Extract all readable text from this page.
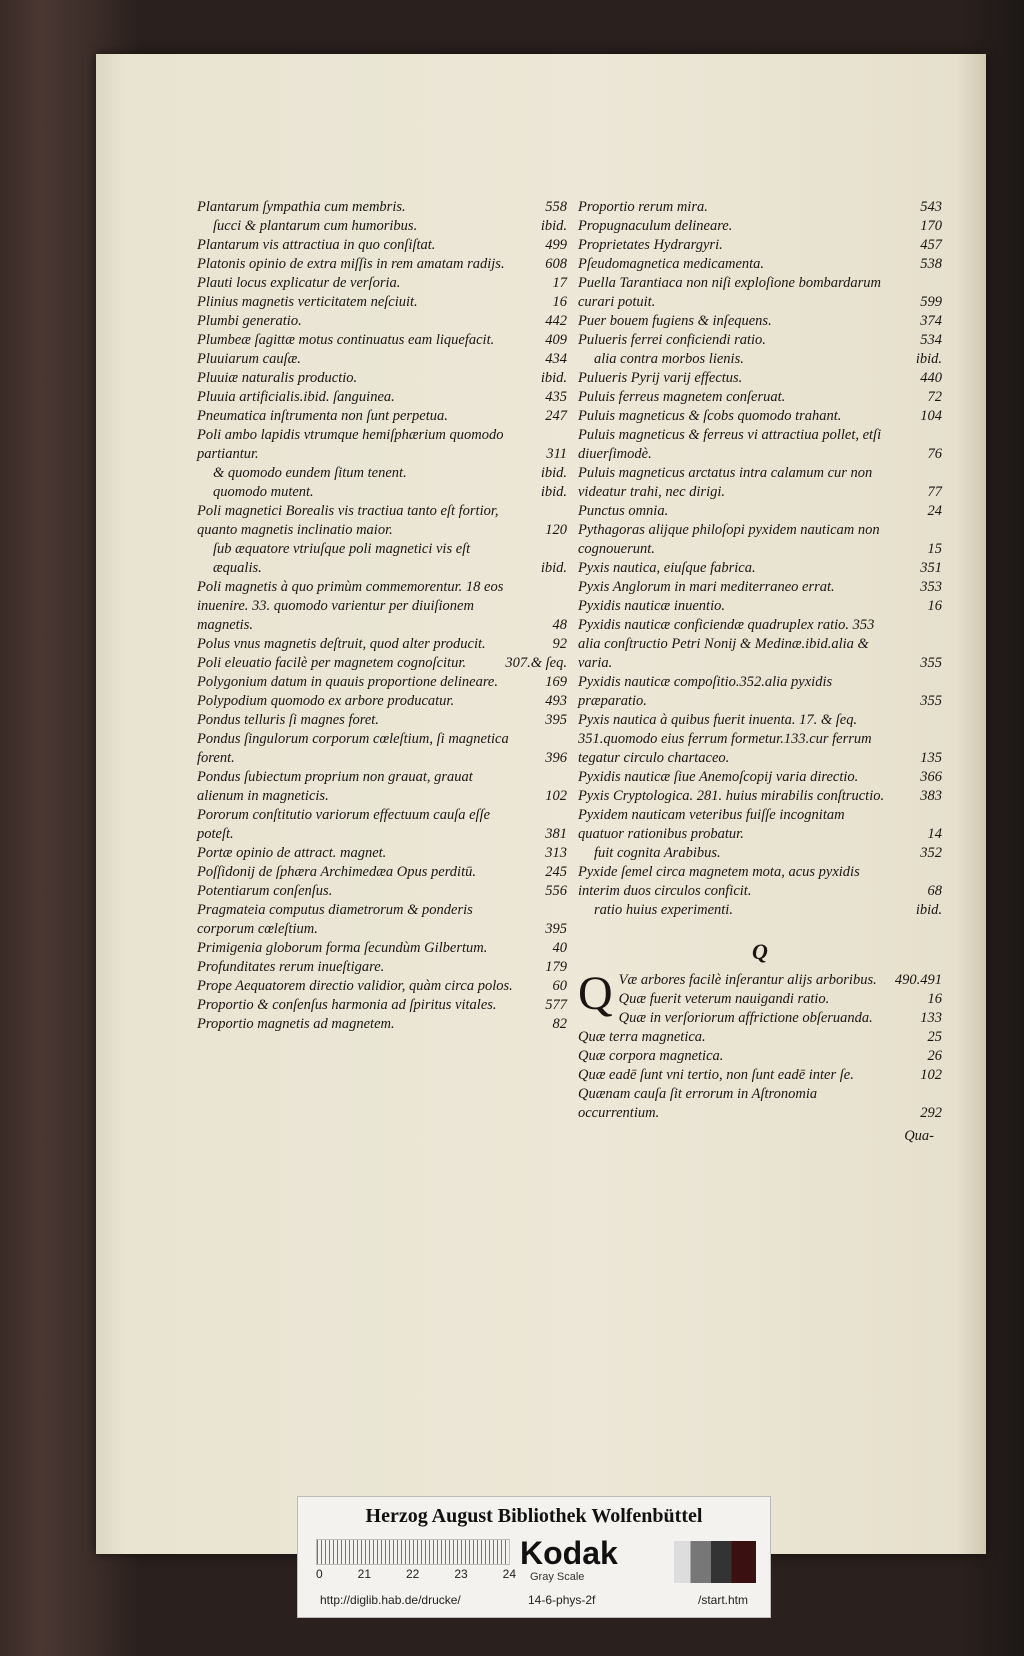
Plantarum ſympathia cum membris.	558
ſucci & plantarum cum humoribus.	ibid.
Plantarum vis attractiua in quo conſiſtat.	499
Platonis opinio de extra miſſis in rem amatam radijs.	608
Plauti locus explicatur de verſoria.	17
Plinius magnetis verticitatem neſciuit.	16
Plumbi generatio.	442
Plumbeæ ſagittæ motus continuatus eam liquefacit.	409
Pluuiarum cauſæ.	434
Pluuiæ naturalis productio.	ibid.
Pluuia artificialis.ibid. ſanguinea.	435
Pneumatica inſtrumenta non ſunt perpetua.	247
Poli ambo lapidis vtrumque hemiſphærium quomodo partiantur.	311
& quomodo eundem ſitum tenent.	ibid.
quomodo mutent.	ibid.
Poli magnetici Borealis vis tractiua tanto eſt fortior, quanto magnetis inclinatio maior.	120
ſub æquatore vtriuſque poli magnetici vis eſt æqualis.	ibid.
Poli magnetis à quo primùm commemorentur. 18 eos inuenire. 33. quomodo varientur per diuiſionem magnetis.	48
Polus vnus magnetis deſtruit, quod alter producit.	92
Poli eleuatio facilè per magnetem cognoſcitur.	307.& ſeq.
Polygonium datum in quauis proportione delineare.	169
Polypodium quomodo ex arbore producatur.	493
Pondus telluris ſi magnes foret.	395
Pondus ſingulorum corporum cœleſtium, ſi magnetica forent.	396
Pondus ſubiectum proprium non grauat, grauat alienum in magneticis.	102
Pororum conſtitutio variorum effectuum cauſa eſſe poteſt.	381
Portæ opinio de attract. magnet.	313
Poſſidonij de ſphæra Archimedæa Opus perditū.	245
Potentiarum conſenſus.	556
Pragmateia computus diametrorum & ponderis corporum cœleſtium.	395
Primigenia globorum forma ſecundùm Gilbertum.	40
Profunditates rerum inueſtigare.	179
Prope Aequatorem directio validior, quàm circa polos.	60
Proportio & conſenſus harmonia ad ſpiritus vitales.	577
Proportio magnetis ad magnetem.	82
Proportio rerum mira.	543
Propugnaculum delineare.	170
Proprietates Hydrargyri.	457
Pſeudomagnetica medicamenta.	538
Puella Tarantiaca non niſi exploſione bombardarum curari potuit.	599
Puer bouem fugiens & inſequens.	374
Pulueris ferrei conficiendi ratio.	534
alia contra morbos lienis.	ibid.
Pulueris Pyrij varij effectus.	440
Puluis ferreus magnetem conſeruat.	72
Puluis magneticus & ſcobs quomodo trahant.	104
Puluis magneticus & ferreus vi attractiua pollet, etſi diuerſimodè.	76
Puluis magneticus arctatus intra calamum cur non videatur trahi, nec dirigi.	77
Punctus omnia.	24
Pythagoras alijque philoſopi pyxidem nauticam non cognouerunt.	15
Pyxis nautica, eiuſque fabrica.	351
Pyxis Anglorum in mari mediterraneo errat.	353
Pyxidis nauticæ inuentio.	16
Pyxidis nauticæ conficiendæ quadruplex ratio. 353 alia conſtructio Petri Nonij & Medinæ.ibid.alia & varia.	355
Pyxidis nauticæ compoſitio.352.alia pyxidis præparatio.	355
Pyxis nautica à quibus fuerit inuenta. 17. & ſeq. 351.quomodo eius ferrum formetur.133.cur ferrum tegatur circulo chartaceo.	135
Pyxidis nauticæ ſiue Anemoſcopij varia directio.	366
Pyxis Cryptologica. 281. huius mirabilis conſtructio.	383
Pyxidem nauticam veteribus fuiſſe incognitam quatuor rationibus probatur.	14
fuit cognita Arabibus.	352
Pyxide ſemel circa magnetem mota, acus pyxidis interim duos circulos conficit.	68
ratio huius experimenti.	ibid.
Q
Q Væ arbores facilè inſerantur alijs arboribus.	490.491
Quæ fuerit veterum nauigandi ratio.	16
Quæ in verſoriorum affrictione obſeruanda.	133
Quæ terra magnetica.	25
Quæ corpora magnetica.	26
Quæ eadē ſunt vni tertio, non ſunt eadē inter ſe.	102
Quænam cauſa ſit errorum in Aſtronomia occurrentium.	292
Qua-
Herzog August Bibliothek Wolfenbüttel
0	21	22	23	24
Kodak
Gray Scale
http://diglib.hab.de/drucke/	14-6-phys-2f	/start.htm
